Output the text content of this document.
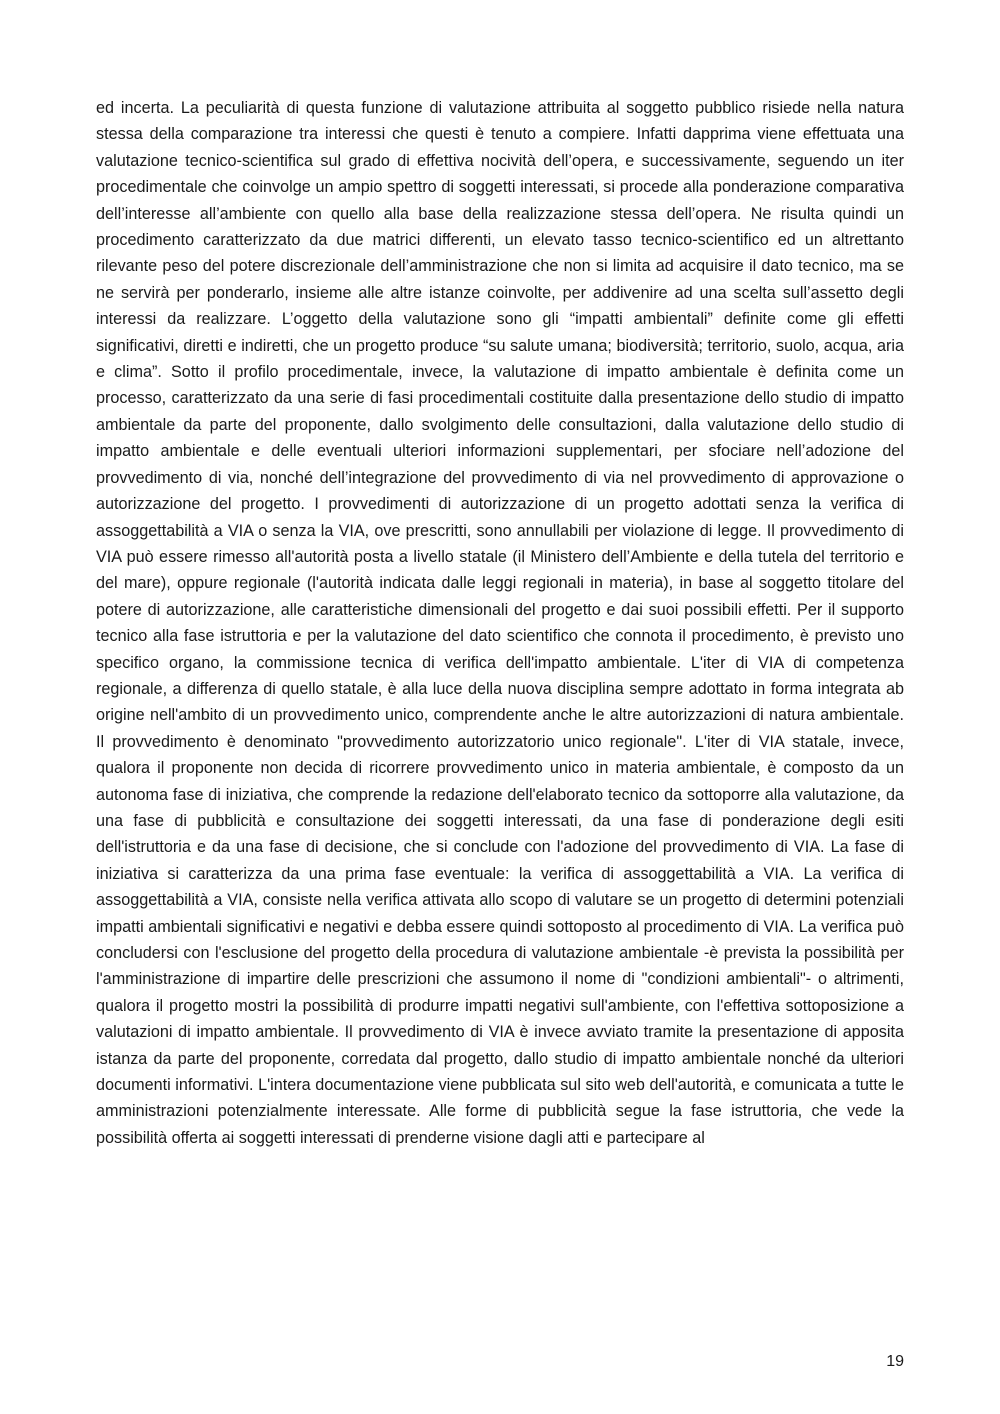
ed incerta. La peculiarità di questa funzione di valutazione attribuita al soggetto pubblico risiede nella natura stessa della comparazione tra interessi che questi è tenuto a compiere. Infatti dapprima viene effettuata una valutazione tecnico-scientifica sul grado di effettiva nocività dell’opera, e successivamente, seguendo un iter procedimentale che coinvolge un ampio spettro di soggetti interessati, si procede alla ponderazione comparativa dell’interesse all’ambiente con quello alla base della realizzazione stessa dell’opera. Ne risulta quindi un procedimento caratterizzato da due matrici differenti, un elevato tasso tecnico-scientifico ed un altrettanto rilevante peso del potere discrezionale dell’amministrazione che non si limita ad acquisire il dato tecnico, ma se ne servirà per ponderarlo, insieme alle altre istanze coinvolte, per addivenire ad una scelta sull’assetto degli interessi da realizzare. L’oggetto della valutazione sono gli “impatti ambientali” definite come gli effetti significativi, diretti e indiretti, che un progetto produce “su salute umana; biodiversità; territorio, suolo, acqua, aria e clima”. Sotto il profilo procedimentale, invece, la valutazione di impatto ambientale è definita come un processo, caratterizzato da una serie di fasi procedimentali costituite dalla presentazione dello studio di impatto ambientale da parte del proponente, dallo svolgimento delle consultazioni, dalla valutazione dello studio di impatto ambientale e delle eventuali ulteriori informazioni supplementari, per sfociare nell’adozione del provvedimento di via, nonché dell’integrazione del provvedimento di via nel provvedimento di approvazione o autorizzazione del progetto. I provvedimenti di autorizzazione di un progetto adottati senza la verifica di assoggettabilità a VIA o senza la VIA, ove prescritti, sono annullabili per violazione di legge. Il provvedimento di VIA può essere rimesso all'autorità posta a livello statale (il Ministero dell’Ambiente e della tutela del territorio e del mare), oppure regionale (l'autorità indicata dalle leggi regionali in materia), in base al soggetto titolare del potere di autorizzazione, alle caratteristiche dimensionali del progetto e dai suoi possibili effetti. Per il supporto tecnico alla fase istruttoria e per la valutazione del dato scientifico che connota il procedimento, è previsto uno specifico organo, la commissione tecnica di verifica dell'impatto ambientale. L'iter di VIA di competenza regionale, a differenza di quello statale, è alla luce della nuova disciplina sempre adottato in forma integrata ab origine nell'ambito di un provvedimento unico, comprendente anche le altre autorizzazioni di natura ambientale. Il provvedimento è denominato "provvedimento autorizzatorio unico regionale". L'iter di VIA statale, invece, qualora il proponente non decida di ricorrere provvedimento unico in materia ambientale, è composto da un autonoma fase di iniziativa, che comprende la redazione dell'elaborato tecnico da sottoporre alla valutazione, da una fase di pubblicità e consultazione dei soggetti interessati, da una fase di ponderazione degli esiti dell'istruttoria e da una fase di decisione, che si conclude con l'adozione del provvedimento di VIA. La fase di iniziativa si caratterizza da una prima fase eventuale: la verifica di assoggettabilità a VIA. La verifica di assoggettabilità a VIA, consiste nella verifica attivata allo scopo di valutare se un progetto di determini potenziali impatti ambientali significativi e negativi e debba essere quindi sottoposto al procedimento di VIA. La verifica può concludersi con l'esclusione del progetto della procedura di valutazione ambientale -è prevista la possibilità per l'amministrazione di impartire delle prescrizioni che assumono il nome di "condizioni ambientali"- o altrimenti, qualora il progetto mostri la possibilità di produrre impatti negativi sull'ambiente, con l'effettiva sottoposizione a valutazioni di impatto ambientale. Il provvedimento di VIA è invece avviato tramite la presentazione di apposita istanza da parte del proponente, corredata dal progetto, dallo studio di impatto ambientale nonché da ulteriori documenti informativi. L'intera documentazione viene pubblicata sul sito web dell'autorità, e comunicata a tutte le amministrazioni potenzialmente interessate. Alle forme di pubblicità segue la fase istruttoria, che vede la possibilità offerta ai soggetti interessati di prenderne visione dagli atti e partecipare al

19
